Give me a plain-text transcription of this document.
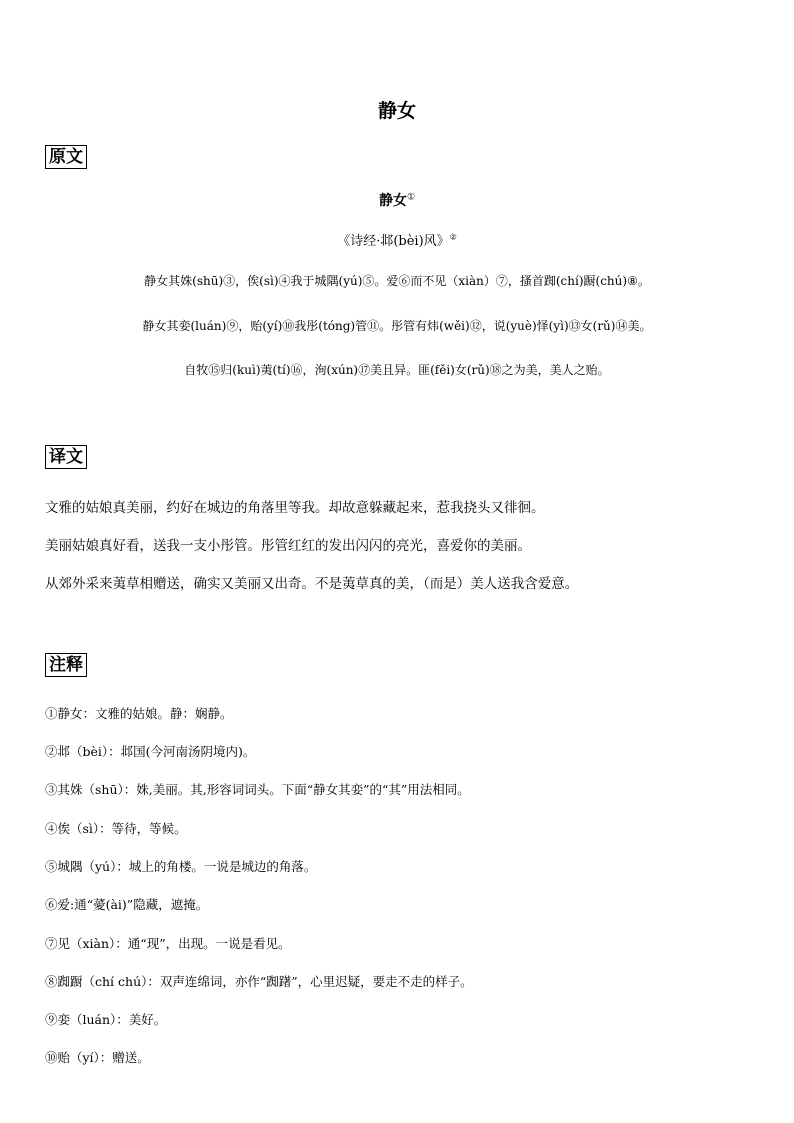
静女
原文
静女①
《诗经·邶(bèi)风》②
静女其姝(shū)③，俟(sì)④我于城隅(yú)⑤。爱⑥而不见（xiàn）⑦，搔首踟(chí)蹰(chú)⑧。
静女其娈(luán)⑨，贻(yí)⑩我彤(tóng)管⑪。彤管有炜(wěi)⑫，说(yuè)怿(yì)⑬女(rǔ)⑭美。
自牧⑮归(kuì)荑(tí)⑯，洵(xún)⑰美且异。匪(fěi)女(rǔ)⑱之为美，美人之贻。
译文
文雅的姑娘真美丽，约好在城边的角落里等我。却故意躲藏起来，惹我挠头又徘徊。
美丽姑娘真好看，送我一支小彤管。彤管红红的发出闪闪的亮光，喜爱你的美丽。
从郊外采来荑草相赠送，确实又美丽又出奇。不是荑草真的美，（而是）美人送我含爱意。
注释
①静女：文雅的姑娘。静：娴静。
②邶（bèi）：邶国(今河南汤阴境内)。
③其姝（shū）：姝,美丽。其,形容词词头。下面“静女其娈”的“其”用法相同。
④俟（sì）：等待，等候。
⑤城隅（yú）：城上的角楼。一说是城边的角落。
⑥爱:通“薆(ài)”隐藏，遮掩。
⑦见（xiàn）：通“现”，出现。一说是看见。
⑧踟蹰（chí chú）：双声连绵词，亦作“踟躇”，心里迟疑，要走不走的样子。
⑨娈（luán）：美好。
⑩贻（yí）：赠送。
